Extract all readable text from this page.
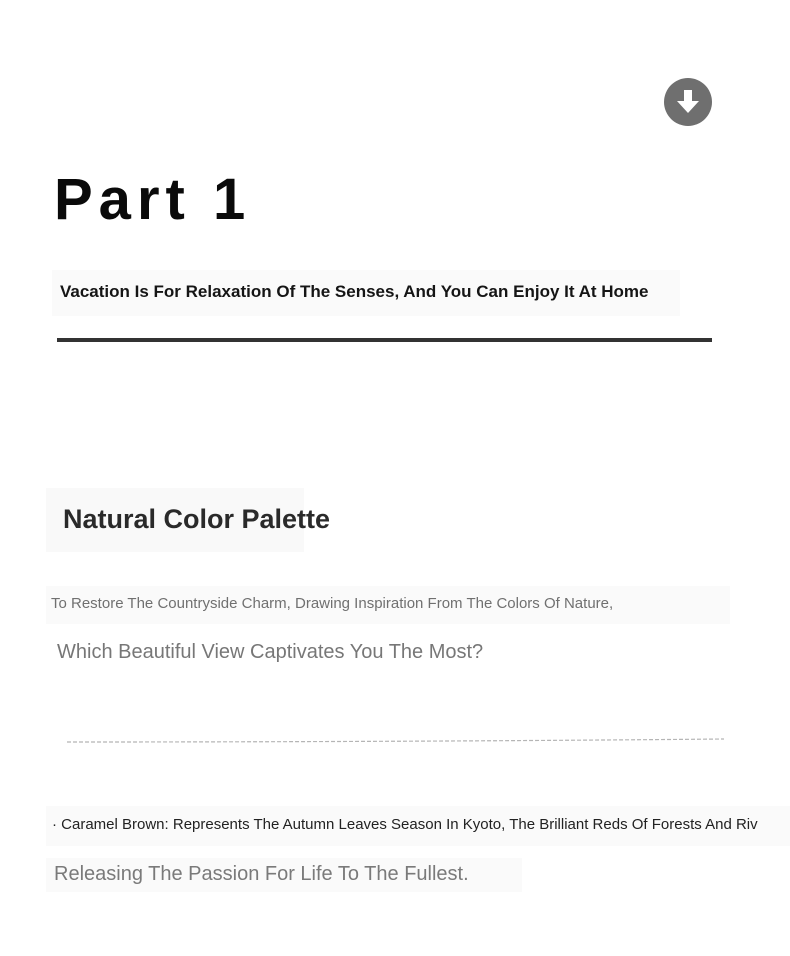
Part 1
Vacation Is For Relaxation Of The Senses, And You Can Enjoy It At Home
Natural Color Palette
To Restore The Countryside Charm, Drawing Inspiration From The Colors Of Nature,
Which Beautiful View Captivates You The Most?
· Caramel Brown: Represents The Autumn Leaves Season In Kyoto, The Brilliant Reds Of Forests And Riv
Releasing The Passion For Life To The Fullest.
